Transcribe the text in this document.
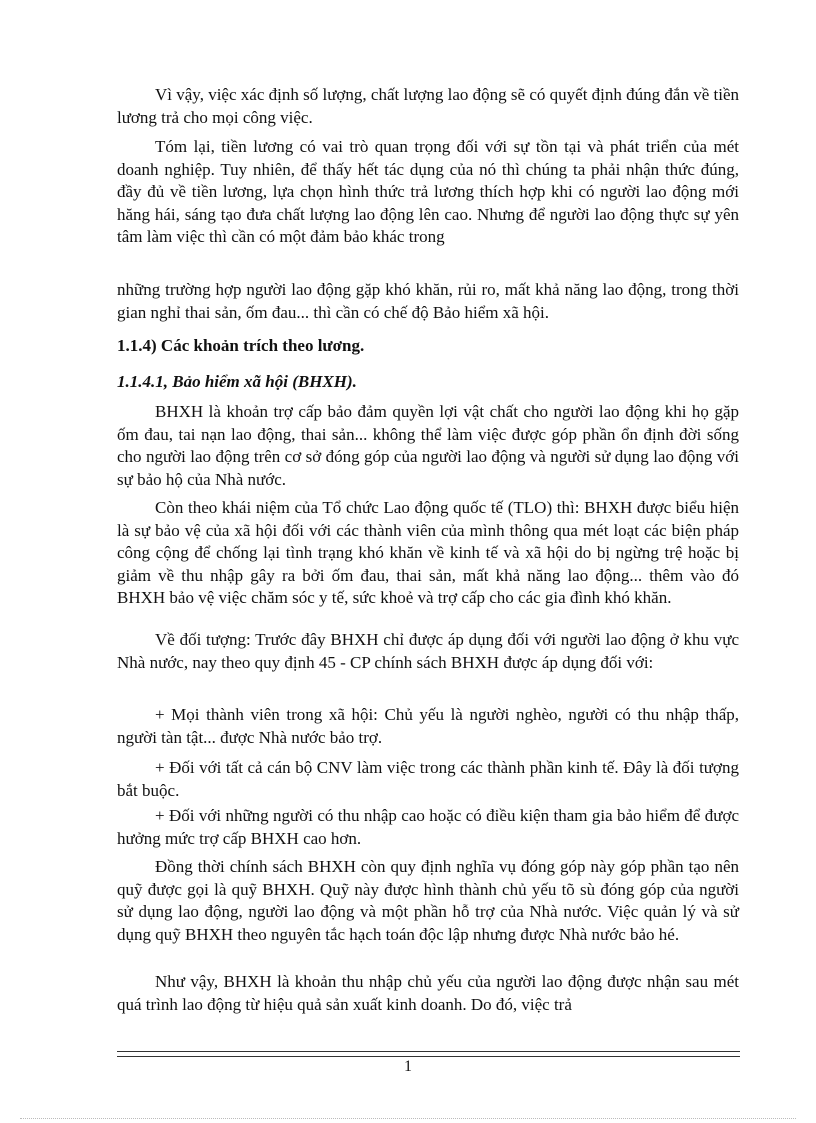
Vì vậy, việc xác định số lượng, chất lượng lao động sẽ có quyết định đúng đắn về tiền lương trả cho mọi công việc.

Tóm lại, tiền lương có vai trò quan trọng đối với sự tồn tại và phát triển của mét doanh nghiệp. Tuy nhiên, để thấy hết tác dụng của nó thì chúng ta phải nhận thức đúng, đầy đủ về tiền lương, lựa chọn hình thức trả lương thích hợp khi có người lao động mới hăng hái, sáng tạo đưa chất lượng lao động lên cao. Nhưng để người lao động thực sự yên tâm làm việc thì cần có một đảm bảo khác trong

những trường hợp người lao động gặp khó khăn, rủi ro, mất khả năng lao động, trong thời gian nghỉ thai sản, ốm đau... thì cần có chế độ Bảo hiểm xã hội.

1.1.4) Các khoản trích theo lương.
1.1.4.1, Bảo hiểm xã hội (BHXH).

BHXH là khoản trợ cấp bảo đảm quyền lợi vật chất cho người lao động khi họ gặp ốm đau, tai nạn lao động, thai sản... không thể làm việc được góp phần ổn định đời sống cho người lao động trên cơ sở đóng góp của người lao động và người sử dụng lao động với sự bảo hộ của Nhà nước.

Còn theo khái niệm của Tổ chức Lao động quốc tế (TLO) thì: BHXH được biểu hiện là sự bảo vệ của xã hội đối với các thành viên của mình thông qua mét loạt các biện pháp công cộng để chống lại tình trạng khó khăn về kinh tế và xã hội do bị ngừng trệ hoặc bị giảm về thu nhập gây ra bởi ốm đau, thai sản, mất khả năng lao động... thêm vào đó BHXH bảo vệ việc chăm sóc y tế, sức khoẻ và trợ cấp cho các gia đình khó khăn.

Về đối tượng: Trước đây BHXH chỉ được áp dụng đối với người lao động ở khu vực Nhà nước, nay theo quy định 45 - CP chính sách BHXH được áp dụng đối với:

+ Mọi thành viên trong xã hội: Chủ yếu là người nghèo, người có thu nhập thấp, người tàn tật... được Nhà nước bảo trợ.

+ Đối với tất cả cán bộ CNV làm việc trong các thành phần kinh tế. Đây là đối tượng bắt buộc.

+ Đối với những người có thu nhập cao hoặc có điều kiện tham gia bảo hiểm để được hưởng mức trợ cấp BHXH cao hơn.

Đồng thời chính sách BHXH còn quy định nghĩa vụ đóng góp này góp phần tạo nên quỹ được gọi là quỹ BHXH. Quỹ này được hình thành chủ yếu tõ sù đóng góp của người sử dụng lao động, người lao động và một phần hỗ trợ của Nhà nước. Việc quản lý và sử dụng quỹ BHXH theo nguyên tắc hạch toán độc lập nhưng được Nhà nước bảo hé.

Như vậy, BHXH là khoản thu nhập chủ yếu của người lao động được nhận sau mét quá trình lao động từ hiệu quả sản xuất kinh doanh. Do đó, việc trả

1
